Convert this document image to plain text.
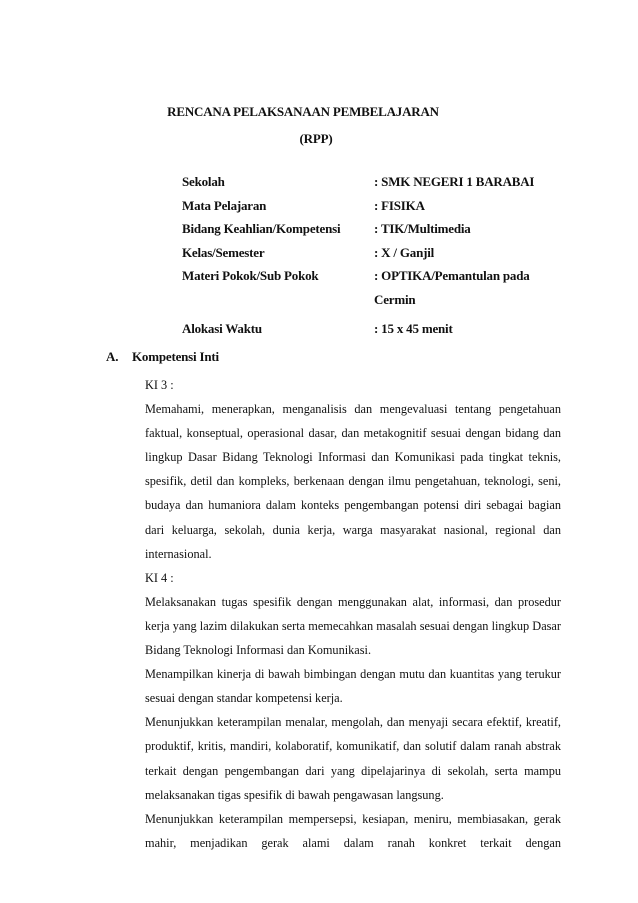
RENCANA PELAKSANAAN PEMBELAJARAN
(RPP)
Sekolah	: SMK NEGERI 1 BARABAI
Mata Pelajaran	: FISIKA
Bidang Keahlian/Kompetensi	: TIK/Multimedia
Kelas/Semester	: X / Ganjil
Materi Pokok/Sub Pokok	: OPTIKA/Pemantulan pada
Cermin
Alokasi Waktu	: 15 x 45 menit
A. Kompetensi Inti
KI 3 :
Memahami, menerapkan, menganalisis dan mengevaluasi tentang pengetahuan faktual, konseptual, operasional dasar, dan metakognitif sesuai dengan bidang dan lingkup Dasar Bidang Teknologi Informasi dan Komunikasi pada tingkat teknis, spesifik, detil dan kompleks, berkenaan dengan ilmu pengetahuan, teknologi, seni, budaya dan humaniora dalam konteks pengembangan potensi diri sebagai bagian dari keluarga, sekolah, dunia kerja, warga masyarakat nasional, regional dan internasional.
KI 4 :
Melaksanakan tugas spesifik dengan menggunakan alat, informasi, dan prosedur kerja yang lazim dilakukan serta memecahkan masalah sesuai dengan lingkup Dasar Bidang Teknologi Informasi dan Komunikasi.
Menampilkan kinerja di bawah bimbingan dengan mutu dan kuantitas yang terukur sesuai dengan standar kompetensi kerja.
Menunjukkan keterampilan menalar, mengolah, dan menyaji secara efektif, kreatif, produktif, kritis, mandiri, kolaboratif, komunikatif, dan solutif dalam ranah abstrak terkait dengan pengembangan dari yang dipelajarinya di sekolah, serta mampu melaksanakan tigas spesifik di bawah pengawasan langsung.
Menunjukkan keterampilan mempersepsi, kesiapan, meniru, membiasakan, gerak mahir, menjadikan gerak alami dalam ranah konkret terkait dengan
